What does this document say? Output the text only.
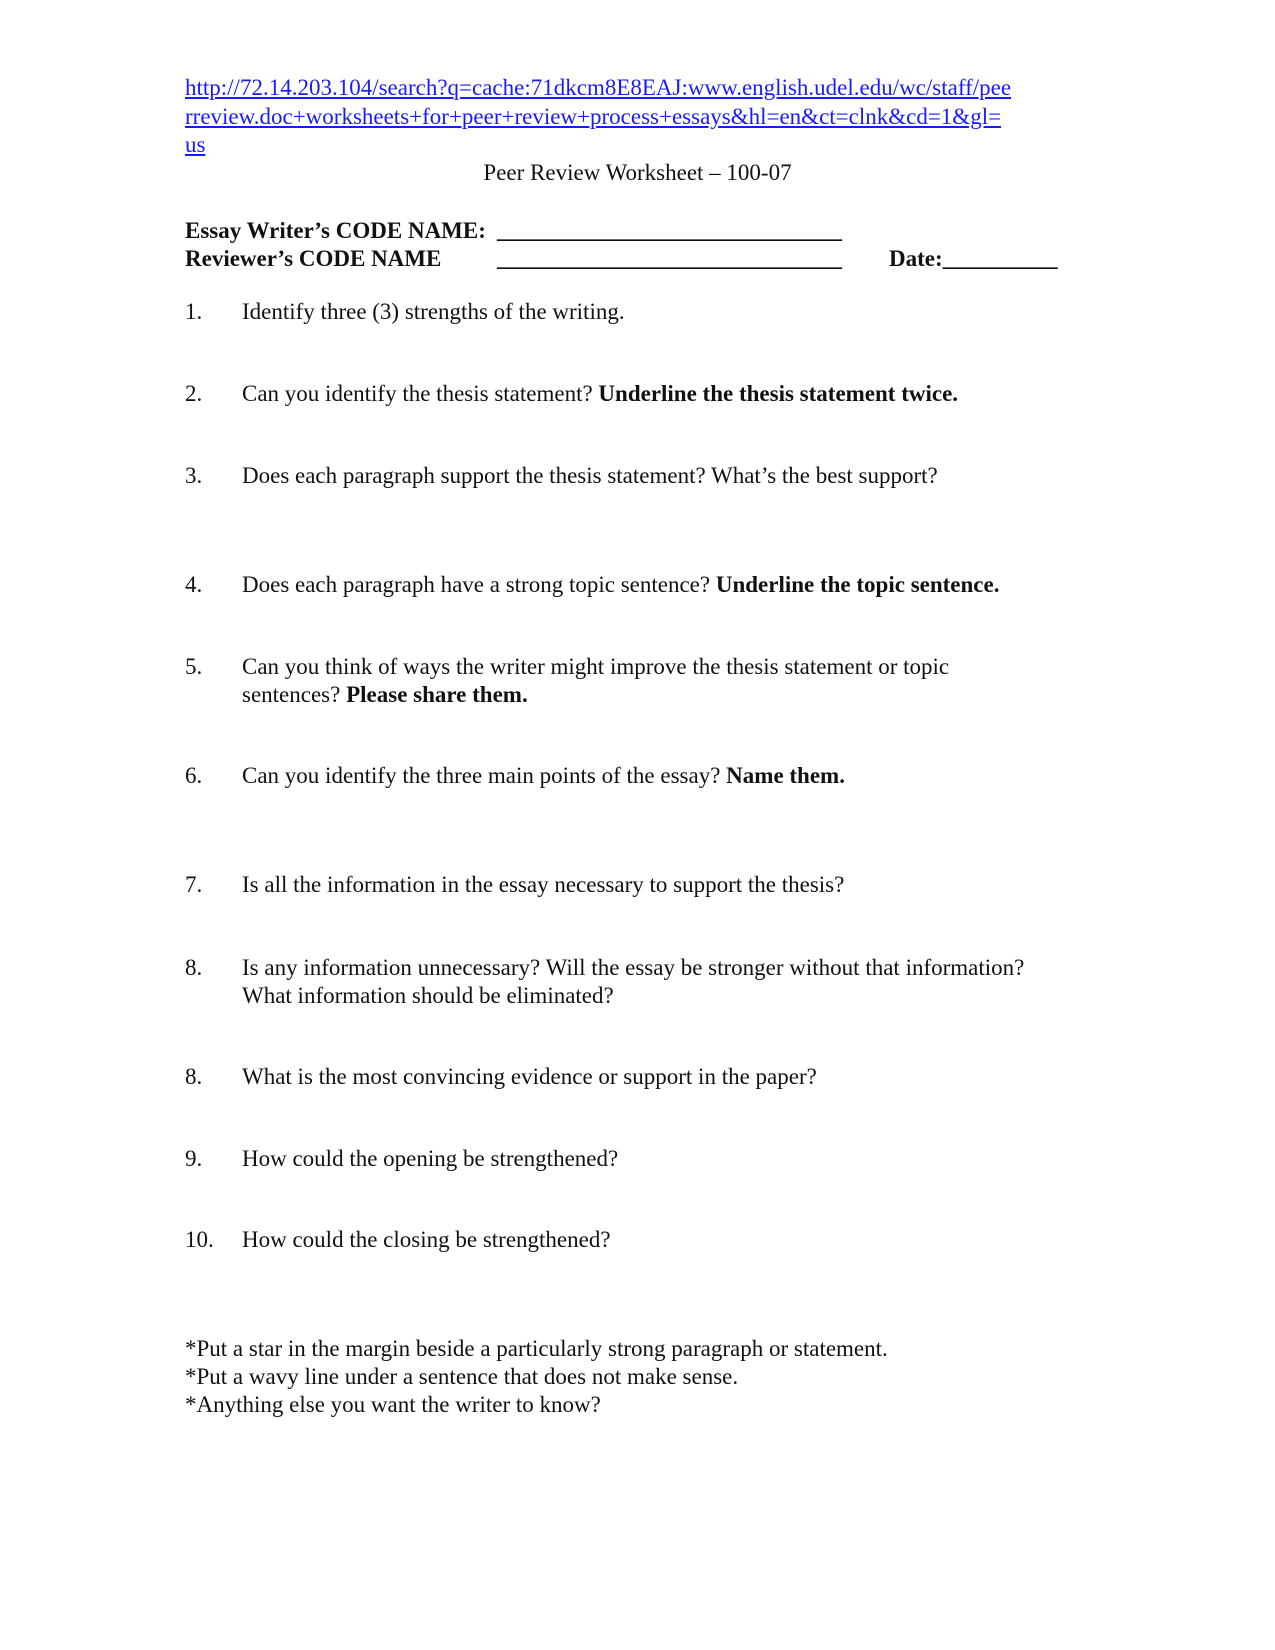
http://72.14.203.104/search?q=cache:71dkcm8E8EAJ:www.english.udel.edu/wc/staff/pee
rreview.doc+worksheets+for+peer+review+process+essays&hl=en&ct=clnk&cd=1&gl=
us
Peer Review Worksheet – 100-07
Essay Writer’s CODE NAME: ______________________________
Reviewer’s CODE NAME ______________________________ Date:__________
1. Identify three (3) strengths of the writing.
2. Can you identify the thesis statement? Underline the thesis statement twice.
3. Does each paragraph support the thesis statement? What’s the best support?
4. Does each paragraph have a strong topic sentence? Underline the topic sentence.
5. Can you think of ways the writer might improve the thesis statement or topic
sentences? Please share them.
6. Can you identify the three main points of the essay? Name them.
7. Is all the information in the essay necessary to support the thesis?
8. Is any information unnecessary? Will the essay be stronger without that information?
What information should be eliminated?
8. What is the most convincing evidence or support in the paper?
9. How could the opening be strengthened?
10. How could the closing be strengthened?
*Put a star in the margin beside a particularly strong paragraph or statement.
*Put a wavy line under a sentence that does not make sense.
*Anything else you want the writer to know?
